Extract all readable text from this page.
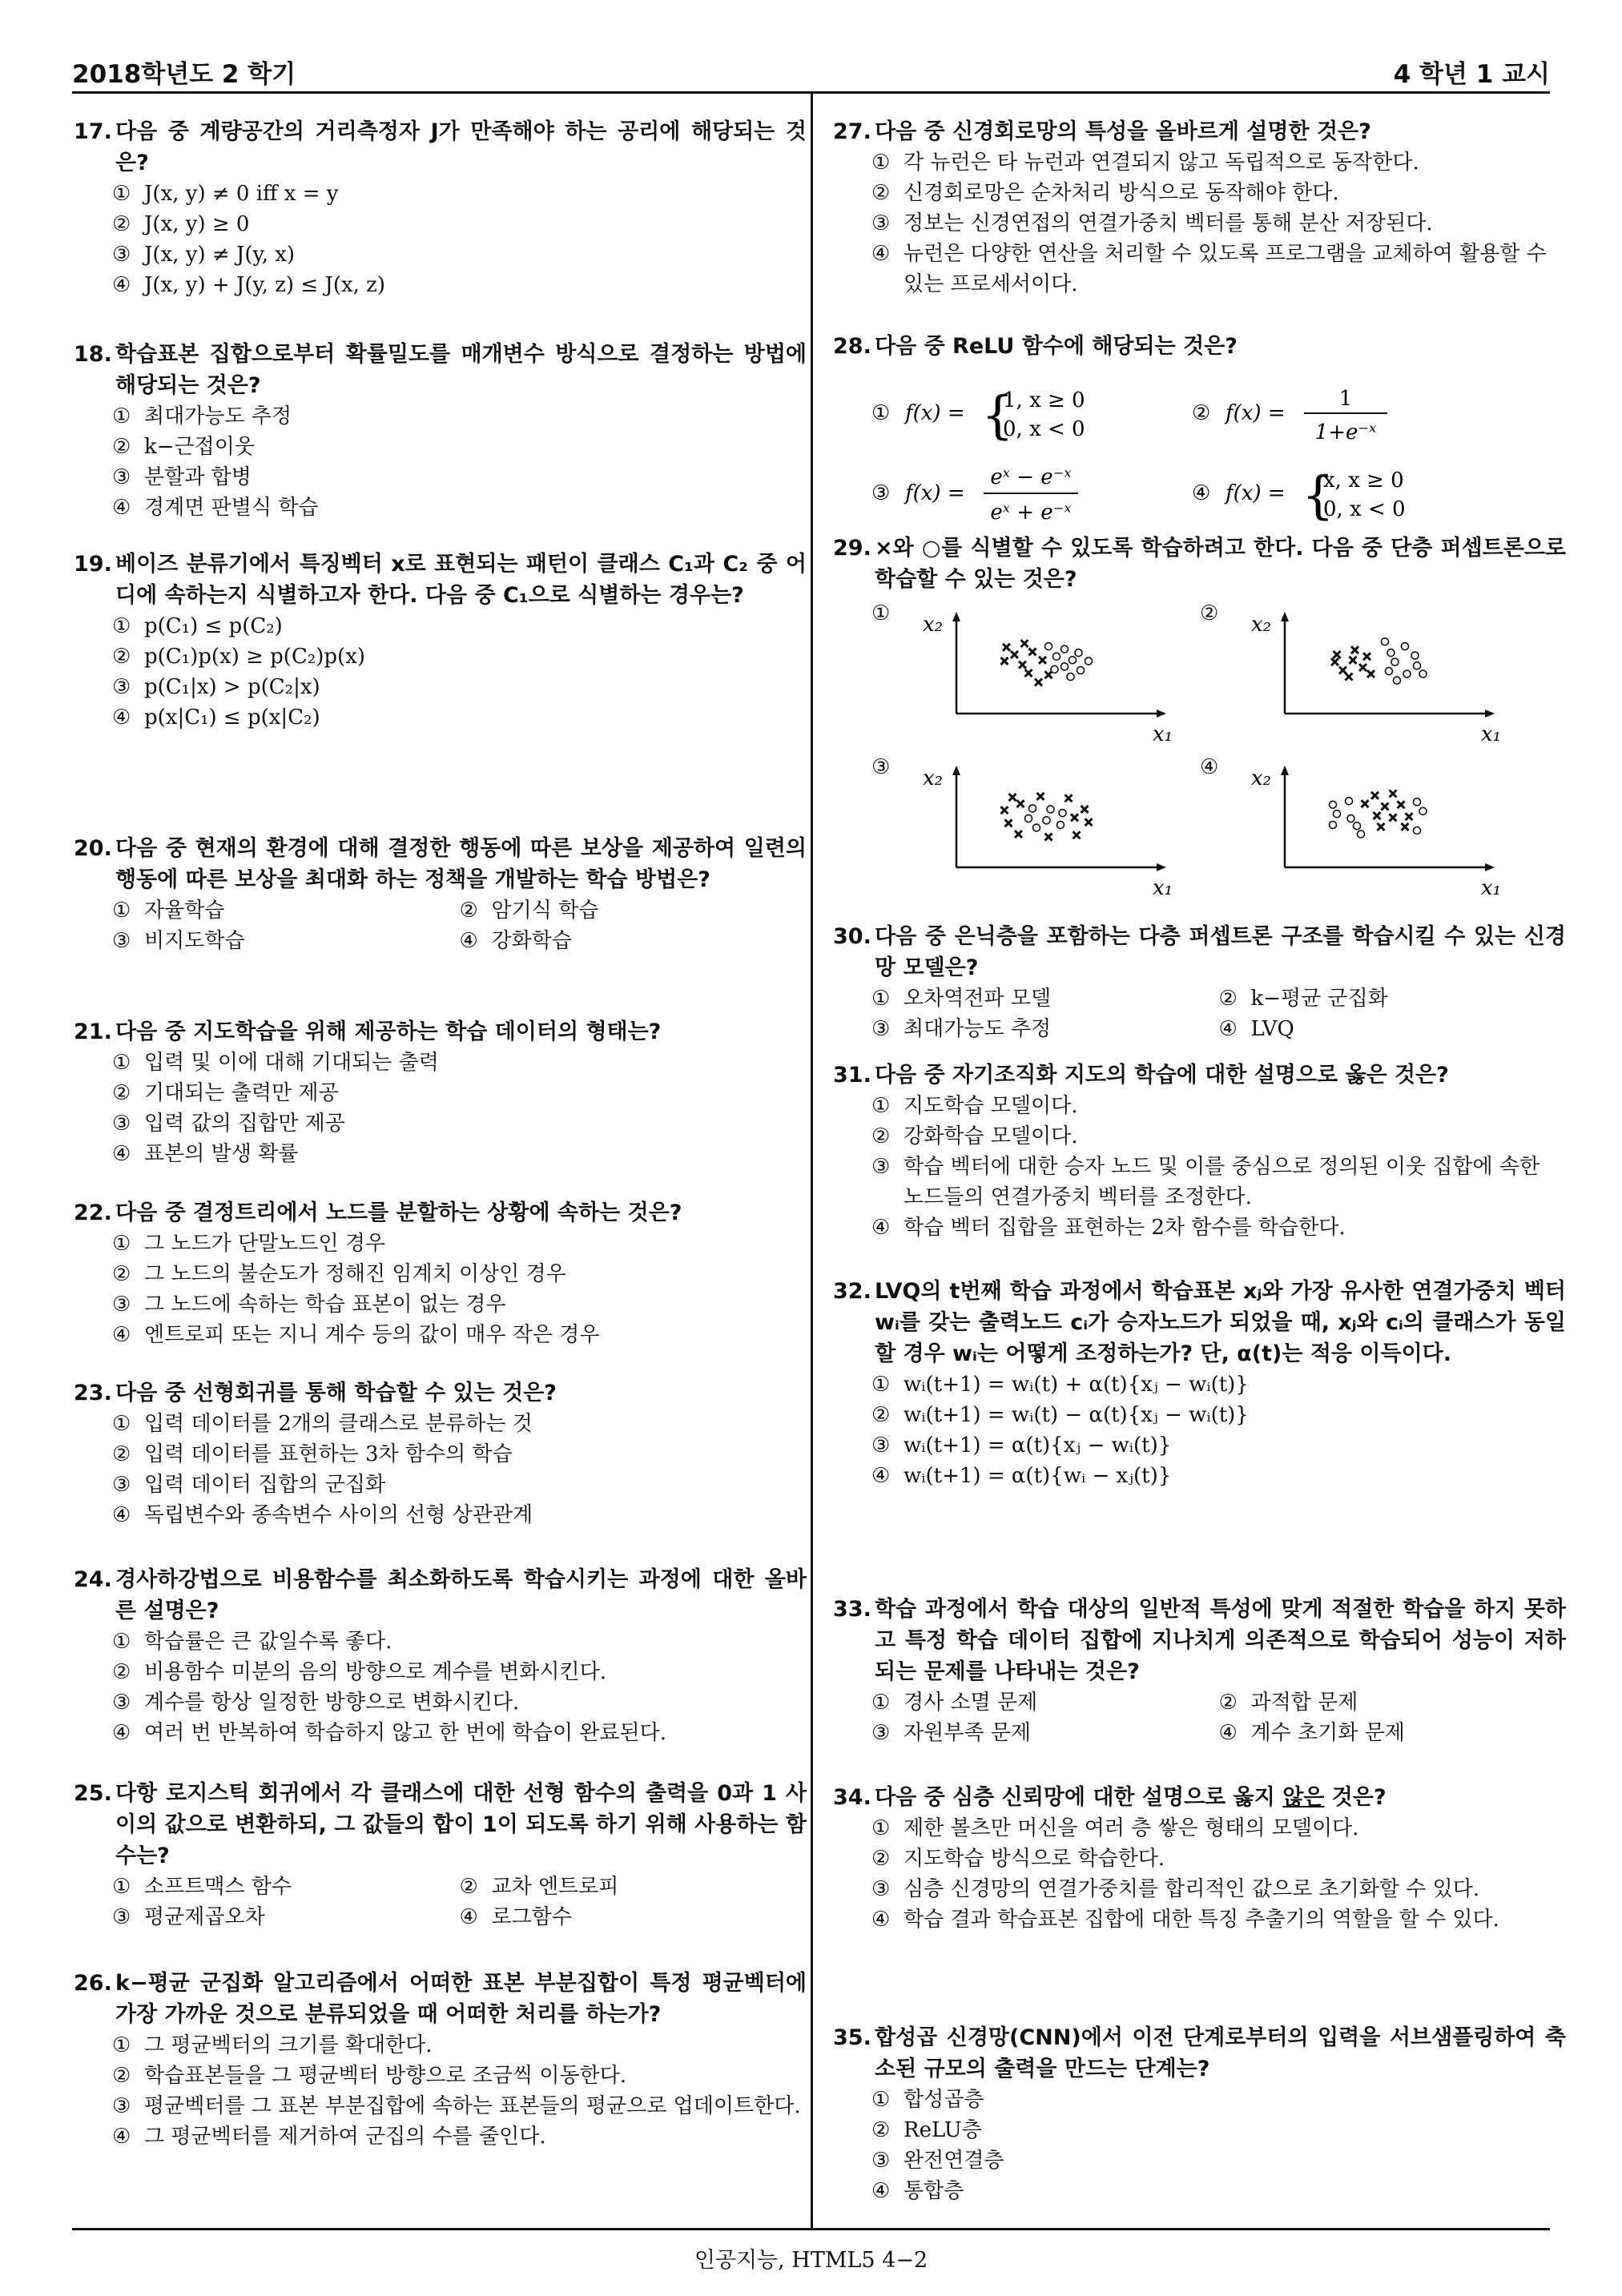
2018학년도 2 학기	4 학년 1 교시
인공지능, HTML5 4−2
17. 다음 중 계량공간의 거리측정자 J가 만족해야 하는 공리에 해당되는 것은?
① J(x, y) ≠ 0 iff x = y
② J(x, y) ≥ 0
③ J(x, y) ≠ J(y, x)
④ J(x, y) + J(y, z) ≤ J(x, z)
18. 학습표본 집합으로부터 확률밀도를 매개변수 방식으로 결정하는 방법에 해당되는 것은?
① 최대가능도 추정
② k−근접이웃
③ 분할과 합병
④ 경계면 판별식 학습
19. 베이즈 분류기에서 특징벡터 x로 표현되는 패턴이 클래스 C₁과 C₂ 중 어디에 속하는지 식별하고자 한다. 다음 중 C₁으로 식별하는 경우는?
① p(C₁) ≤ p(C₂)
② p(C₁)p(x) ≥ p(C₂)p(x)
③ p(C₁|x) > p(C₂|x)
④ p(x|C₁) ≤ p(x|C₂)
20. 다음 중 현재의 환경에 대해 결정한 행동에 따른 보상을 제공하여 일련의 행동에 따른 보상을 최대화 하는 정책을 개발하는 학습 방법은?
① 자율학습	② 암기식 학습
③ 비지도학습	④ 강화학습
21. 다음 중 지도학습을 위해 제공하는 학습 데이터의 형태는?
① 입력 및 이에 대해 기대되는 출력
② 기대되는 출력만 제공
③ 입력 값의 집합만 제공
④ 표본의 발생 확률
22. 다음 중 결정트리에서 노드를 분할하는 상황에 속하는 것은?
① 그 노드가 단말노드인 경우
② 그 노드의 불순도가 정해진 임계치 이상인 경우
③ 그 노드에 속하는 학습 표본이 없는 경우
④ 엔트로피 또는 지니 계수 등의 값이 매우 작은 경우
23. 다음 중 선형회귀를 통해 학습할 수 있는 것은?
① 입력 데이터를 2개의 클래스로 분류하는 것
② 입력 데이터를 표현하는 3차 함수의 학습
③ 입력 데이터 집합의 군집화
④ 독립변수와 종속변수 사이의 선형 상관관계
24. 경사하강법으로 비용함수를 최소화하도록 학습시키는 과정에 대한 올바른 설명은?
① 학습률은 큰 값일수록 좋다.
② 비용함수 미분의 음의 방향으로 계수를 변화시킨다.
③ 계수를 항상 일정한 방향으로 변화시킨다.
④ 여러 번 반복하여 학습하지 않고 한 번에 학습이 완료된다.
25. 다항 로지스틱 회귀에서 각 클래스에 대한 선형 함수의 출력을 0과 1 사이의 값으로 변환하되, 그 값들의 합이 1이 되도록 하기 위해 사용하는 함수는?
① 소프트맥스 함수	② 교차 엔트로피
③ 평균제곱오차	④ 로그함수
26. k−평균 군집화 알고리즘에서 어떠한 표본 부분집합이 특정 평균벡터에 가장 가까운 것으로 분류되었을 때 어떠한 처리를 하는가?
① 그 평균벡터의 크기를 확대한다.
② 학습표본들을 그 평균벡터 방향으로 조금씩 이동한다.
③ 평균벡터를 그 표본 부분집합에 속하는 표본들의 평균으로 업데이트한다.
④ 그 평균벡터를 제거하여 군집의 수를 줄인다.
27. 다음 중 신경회로망의 특성을 올바르게 설명한 것은?
① 각 뉴런은 타 뉴런과 연결되지 않고 독립적으로 동작한다.
② 신경회로망은 순차처리 방식으로 동작해야 한다.
③ 정보는 신경연접의 연결가중치 벡터를 통해 분산 저장된다.
④ 뉴런은 다양한 연산을 처리할 수 있도록 프로그램을 교체하여 활용할 수 있는 프로세서이다.
28. 다음 중 ReLU 함수에 해당되는 것은?
① f(x) = {
1, x ≥ 0
0, x < 0
② f(x) =
1
1+e⁻ˣ
③ f(x) =
eˣ − e⁻ˣ
eˣ + e⁻ˣ
④ f(x) = {
x, x ≥ 0
0, x < 0
29. ×와 ○를 식별할 수 있도록 학습하려고 한다. 다음 중 단층 퍼셉트론으로 학습할 수 있는 것은?
①	x₂
x₁
②	x₂
x₁
③	x₂
x₁
④	x₂
x₁
30. 다음 중 은닉층을 포함하는 다층 퍼셉트론 구조를 학습시킬 수 있는 신경망 모델은?
① 오차역전파 모델	② k−평균 군집화
③ 최대가능도 추정	④ LVQ
31. 다음 중 자기조직화 지도의 학습에 대한 설명으로 옳은 것은?
① 지도학습 모델이다.
② 강화학습 모델이다.
③ 학습 벡터에 대한 승자 노드 및 이를 중심으로 정의된 이웃 집합에 속한 노드들의 연결가중치 벡터를 조정한다.
④ 학습 벡터 집합을 표현하는 2차 함수를 학습한다.
32. LVQ의 t번째 학습 과정에서 학습표본 xⱼ와 가장 유사한 연결가중치 벡터 wᵢ를 갖는 출력노드 cᵢ가 승자노드가 되었을 때, xⱼ와 cᵢ의 클래스가 동일할 경우 wᵢ는 어떻게 조정하는가? 단, α(t)는 적응 이득이다.
① wᵢ(t+1) = wᵢ(t) + α(t){xⱼ − wᵢ(t)}
② wᵢ(t+1) = wᵢ(t) − α(t){xⱼ − wᵢ(t)}
③ wᵢ(t+1) = α(t){xⱼ − wᵢ(t)}
④ wᵢ(t+1) = α(t){wᵢ − xⱼ(t)}
33. 학습 과정에서 학습 대상의 일반적 특성에 맞게 적절한 학습을 하지 못하고 특정 학습 데이터 집합에 지나치게 의존적으로 학습되어 성능이 저하되는 문제를 나타내는 것은?
① 경사 소멸 문제	② 과적합 문제
③ 자원부족 문제	④ 계수 초기화 문제
34. 다음 중 심층 신뢰망에 대한 설명으로 옳지 않은 것은?
① 제한 볼츠만 머신을 여러 층 쌓은 형태의 모델이다.
② 지도학습 방식으로 학습한다.
③ 심층 신경망의 연결가중치를 합리적인 값으로 초기화할 수 있다.
④ 학습 결과 학습표본 집합에 대한 특징 추출기의 역할을 할 수 있다.
35. 합성곱 신경망(CNN)에서 이전 단계로부터의 입력을 서브샘플링하여 축소된 규모의 출력을 만드는 단계는?
① 합성곱층
② ReLU층
③ 완전연결층
④ 통합층
